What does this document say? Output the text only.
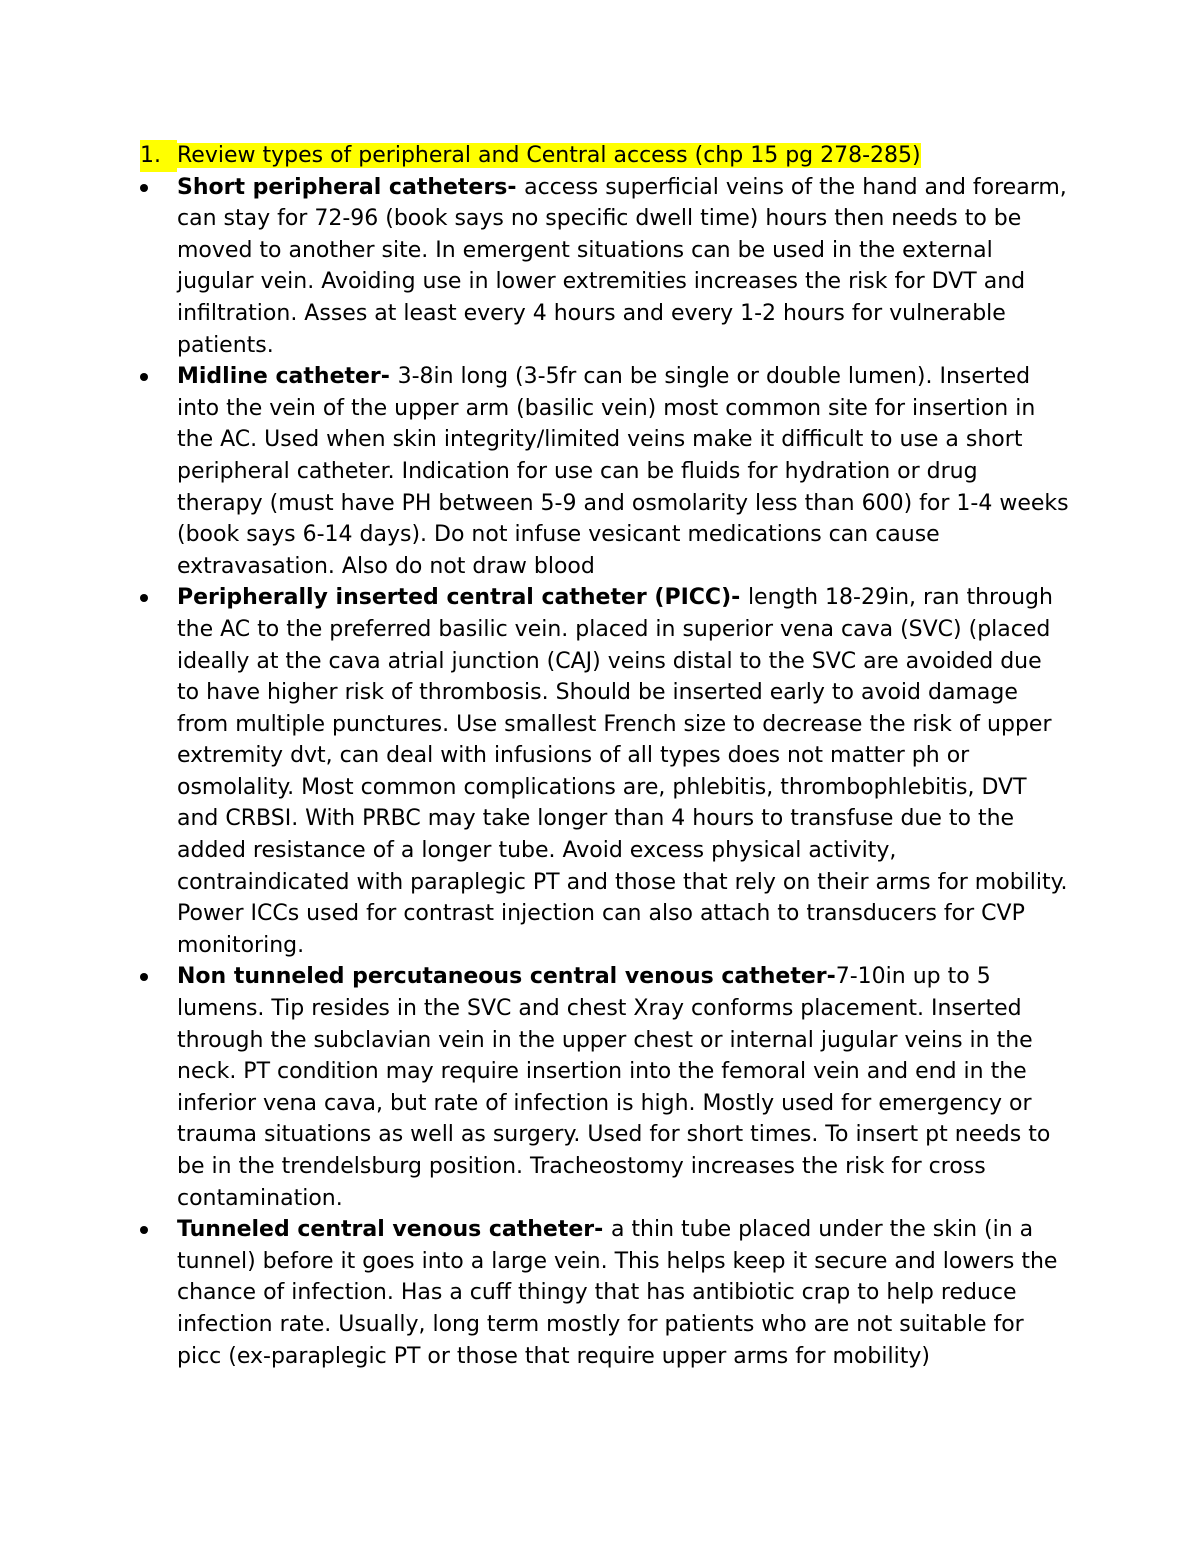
1. Review types of peripheral and Central access (chp 15 pg 278-285)
Short peripheral catheters- access superficial veins of the hand and forearm, can stay for 72-96 (book says no specific dwell time) hours then needs to be moved to another site. In emergent situations can be used in the external jugular vein. Avoiding use in lower extremities increases the risk for DVT and infiltration. Asses at least every 4 hours and every 1-2 hours for vulnerable patients.
Midline catheter- 3-8in long (3-5fr can be single or double lumen). Inserted into the vein of the upper arm (basilic vein) most common site for insertion in the AC. Used when skin integrity/limited veins make it difficult to use a short peripheral catheter. Indication for use can be fluids for hydration or drug therapy (must have PH between 5-9 and osmolarity less than 600) for 1-4 weeks (book says 6-14 days). Do not infuse vesicant medications can cause extravasation. Also do not draw blood
Peripherally inserted central catheter (PICC)- length 18-29in, ran through the AC to the preferred basilic vein. placed in superior vena cava (SVC) (placed ideally at the cava atrial junction (CAJ) veins distal to the SVC are avoided due to have higher risk of thrombosis. Should be inserted early to avoid damage from multiple punctures. Use smallest French size to decrease the risk of upper extremity dvt, can deal with infusions of all types does not matter ph or osmolality. Most common complications are, phlebitis, thrombophlebitis, DVT and CRBSI. With PRBC may take longer than 4 hours to transfuse due to the added resistance of a longer tube. Avoid excess physical activity, contraindicated with paraplegic PT and those that rely on their arms for mobility. Power ICCs used for contrast injection can also attach to transducers for CVP monitoring.
Non tunneled percutaneous central venous catheter-7-10in up to 5 lumens. Tip resides in the SVC and chest Xray conforms placement. Inserted through the subclavian vein in the upper chest or internal jugular veins in the neck. PT condition may require insertion into the femoral vein and end in the inferior vena cava, but rate of infection is high. Mostly used for emergency or trauma situations as well as surgery. Used for short times. To insert pt needs to be in the trendelsburg position. Tracheostomy increases the risk for cross contamination.
Tunneled central venous catheter- a thin tube placed under the skin (in a tunnel) before it goes into a large vein. This helps keep it secure and lowers the chance of infection. Has a cuff thingy that has antibiotic crap to help reduce infection rate. Usually, long term mostly for patients who are not suitable for picc (ex-paraplegic PT or those that require upper arms for mobility)
